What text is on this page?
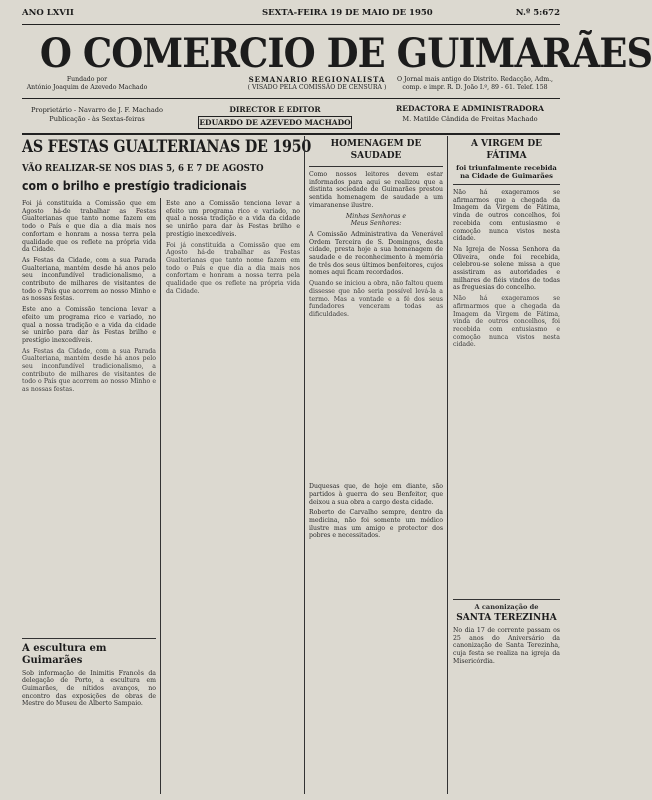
ANO LXVII	SEXTA-FEIRA 19 DE MAIO DE 1950	N.º 5:672
O COMERCIO DE GUIMARÃES
Fundado por
António Joaquim de Azevedo Machado
SEMANARIO REGIONALISTA
( VISADO PELA COMISSÃO DE CENSURA )
O Jornal mais antigo do Distrito. Redacção, Adm.,
comp. e impr. R. D. João I.º, 89 - 61. Telef. 158
Proprietário - Navarro de J. F. Machado
Publicação - às Sextas-feiras
DIRECTOR E EDITOR
EDUARDO DE AZEVEDO MACHADO
REDACTORA E ADMINISTRADORA
M. Matilde Cândida de Freitas Machado
AS FESTAS GUALTERIANAS DE 1950
VÃO REALIZAR-SE NOS DIAS 5, 6 E 7 DE AGOSTO
com o brilho e prestígio tradicionais
Foi já constituída a Comissão que em Agosto há-de trabalhar as Festas Gualterianas que tanto nome fazem em todo o País e que dia a dia mais nos confortam e honram a nossa terra pela qualidade que os reflete na própria vida da Cidade.
As Festas da Cidade, com a sua Parada Gualteriana, mantém desde há anos pelo seu inconfundível tradicionalismo, a contributo de milhares de visitantes de todo o País que acorrem ao nosso Minho e as nossas festas.
Este ano a Comissão tenciona levar a efeito um programa rico e variado, no qual a nossa tradição e a vida da cidade se unirão para dar às Festas brilho e prestígio inexcedíveis.
As Festas da Cidade, com a sua Parada Gualteriana, mantém desde há anos pelo seu inconfundível tradicionalismo, a contributo de milhares de visitantes de todo o País que acorrem ao nosso Minho e as nossas festas.
A escultura em Guimarães
Sob informação de Inimitis Francês da delegação de Porto, a escultura em Guimarães, de nítidos avanços, no encontro das exposições de obras de Mestre do Museu de Alberto Sampaio.
Este ano a Comissão tenciona levar a efeito um programa rico e variado, no qual a nossa tradição e a vida da cidade se unirão para dar às Festas brilho e prestígio inexcedíveis.
Foi já constituída a Comissão que em Agosto há-de trabalhar as Festas Gualterianas que tanto nome fazem em todo o País e que dia a dia mais nos confortam e honram a nossa terra pela qualidade que os reflete na própria vida da Cidade.
HOMENAGEM DE SAUDADE
Como nossos leitores devem estar informados para aqui se realizou que a distinta sociedade de Guimarães prestou sentida homenagem de saudade a um vimaranense ilustre.
Minhas Senhoras e
Meus Senhores:
A Comissão Administrativa da Venerável Ordem Terceira de S. Domingos, desta cidade, presta hoje a sua homenagem de saudade e de reconhecimento à memória de três dos seus últimos benfeitores, cujos nomes aqui ficam recordados.
Quando se iniciou a obra, não faltou quem dissesse que não seria possível levá-la a termo. Mas a vontade e a fé dos seus fundadores venceram todas as dificuldades.
Duquesas que, de hoje em diante, são partidos à guerra do seu Benfeitor, que deixou a sua obra a cargo desta cidade.
Roberto de Carvalho sempre, dentro da medicina, não foi somente um médico ilustre mas um amigo e protector dos pobres e necessitados.
A VIRGEM DE FÁTIMA
foi triunfalmente recebida na Cidade de Guimarães
Não há exageramos se afirmarmos que a chegada da Imagem da Virgem de Fátima, vinda de outros concelhos, foi recebida com entusiasmo e comoção nunca vistos nesta cidade.
Na Igreja de Nossa Senhora da Oliveira, onde foi recebida, celebrou-se solene missa a que assistiram as autoridades e milhares de fiéis vindos de todas as freguesias do concelho.
Não há exageramos se afirmarmos que a chegada da Imagem da Virgem de Fátima, vinda de outros concelhos, foi recebida com entusiasmo e comoção nunca vistos nesta cidade.
A canonização de
SANTA TEREZINHA
No dia 17 de corrente passam os 25 anos do Aniversário da canonização de Santa Terezinha, cuja festa se realiza na igreja da Misericórdia.
